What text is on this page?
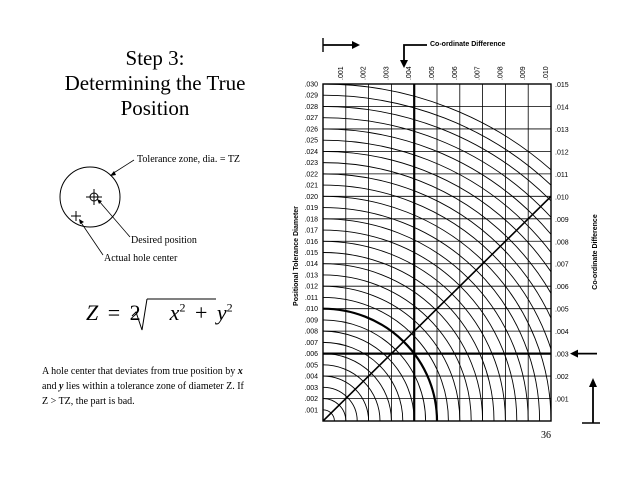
Step 3:
Determining the True
Position
Tolerance zone, dia. = TZ
Desired position
Actual hole center
Z = 2 $x^2 + y^2$
A hole center that deviates from true position by x
and y lies within a tolerance zone of diameter Z. If
Z > TZ, the part is bad.
36
.001 .002 .003 .004 .005 .006 .007 .008 .009 .010
.030
.029
.028
.027
.026
.025
.024
.023
.022
.021
.020
.019
.018
.017
.016
.015
.014
.013
.012
.011
.010
.009
.008
.007
.006
.005
.004
.003
.002
.001
.015
.014
.013
.012
.011
.010
.009
.008
.007
.006
.005
.004
.003
.002
.001
Co-ordinate Difference
Positional Tolerance Diameter	Co-ordinate Difference
